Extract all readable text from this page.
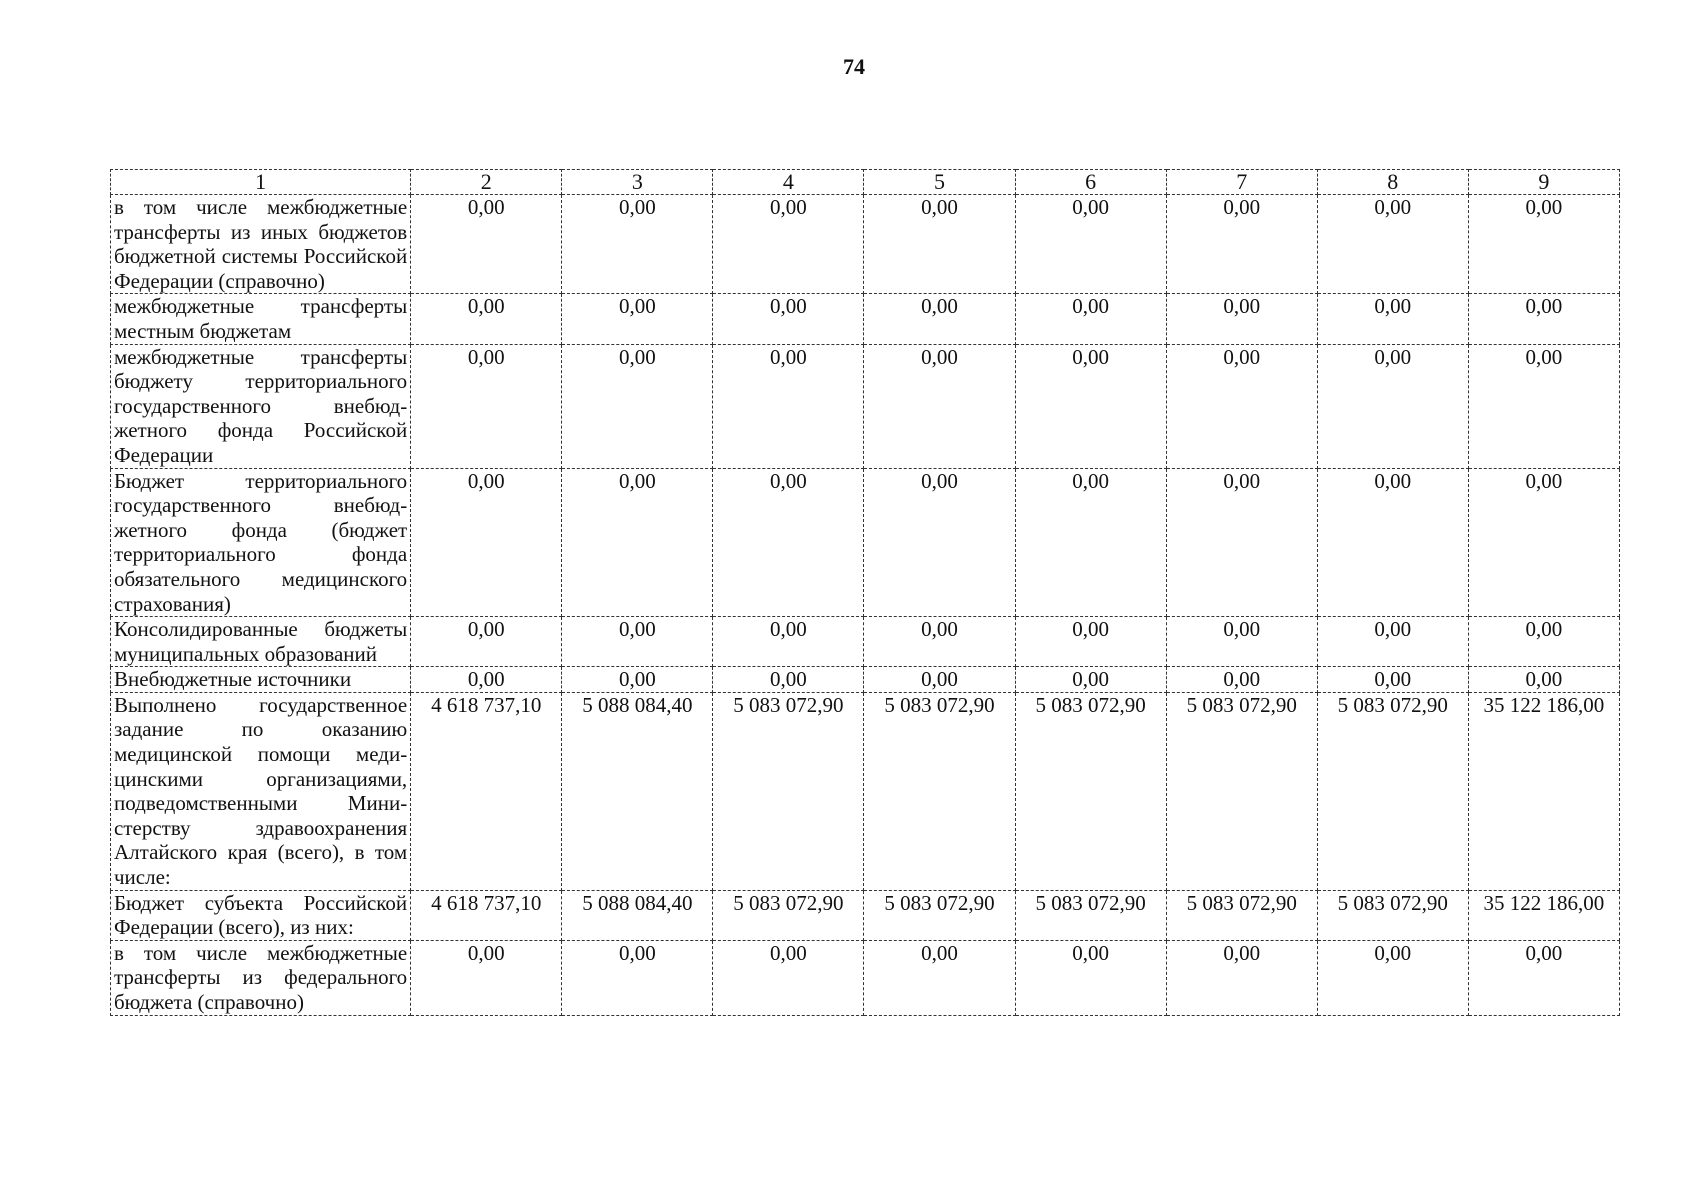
74
1	2	3	4	5	6	7	8	9
в том числе межбюджетные трансферты из иных бюджетов бюджетной системы Российской Федерации (справочно)	0,00	0,00	0,00	0,00	0,00	0,00	0,00	0,00
межбюджетные трансферты местным бюджетам	0,00	0,00	0,00	0,00	0,00	0,00	0,00	0,00
межбюджетные трансферты бюджету территориального государственного внебюджетного фонда Российской Федерации	0,00	0,00	0,00	0,00	0,00	0,00	0,00	0,00
Бюджет территориального государственного внебюджетного фонда (бюджет территориального фонда обязательного медицинского страхования)	0,00	0,00	0,00	0,00	0,00	0,00	0,00	0,00
Консолидированные бюджеты муниципальных образований	0,00	0,00	0,00	0,00	0,00	0,00	0,00	0,00
Внебюджетные источники	0,00	0,00	0,00	0,00	0,00	0,00	0,00	0,00
Выполнено государственное задание по оказанию медицинской помощи медицинскими организациями, подведомственными Министерству здравоохранения Алтайского края (всего), в том числе:	4 618 737,10	5 088 084,40	5 083 072,90	5 083 072,90	5 083 072,90	5 083 072,90	5 083 072,90	35 122 186,00
Бюджет субъекта Российской Федерации (всего), из них:	4 618 737,10	5 088 084,40	5 083 072,90	5 083 072,90	5 083 072,90	5 083 072,90	5 083 072,90	35 122 186,00
в том числе межбюджетные трансферты из федерального бюджета (справочно)	0,00	0,00	0,00	0,00	0,00	0,00	0,00	0,00
